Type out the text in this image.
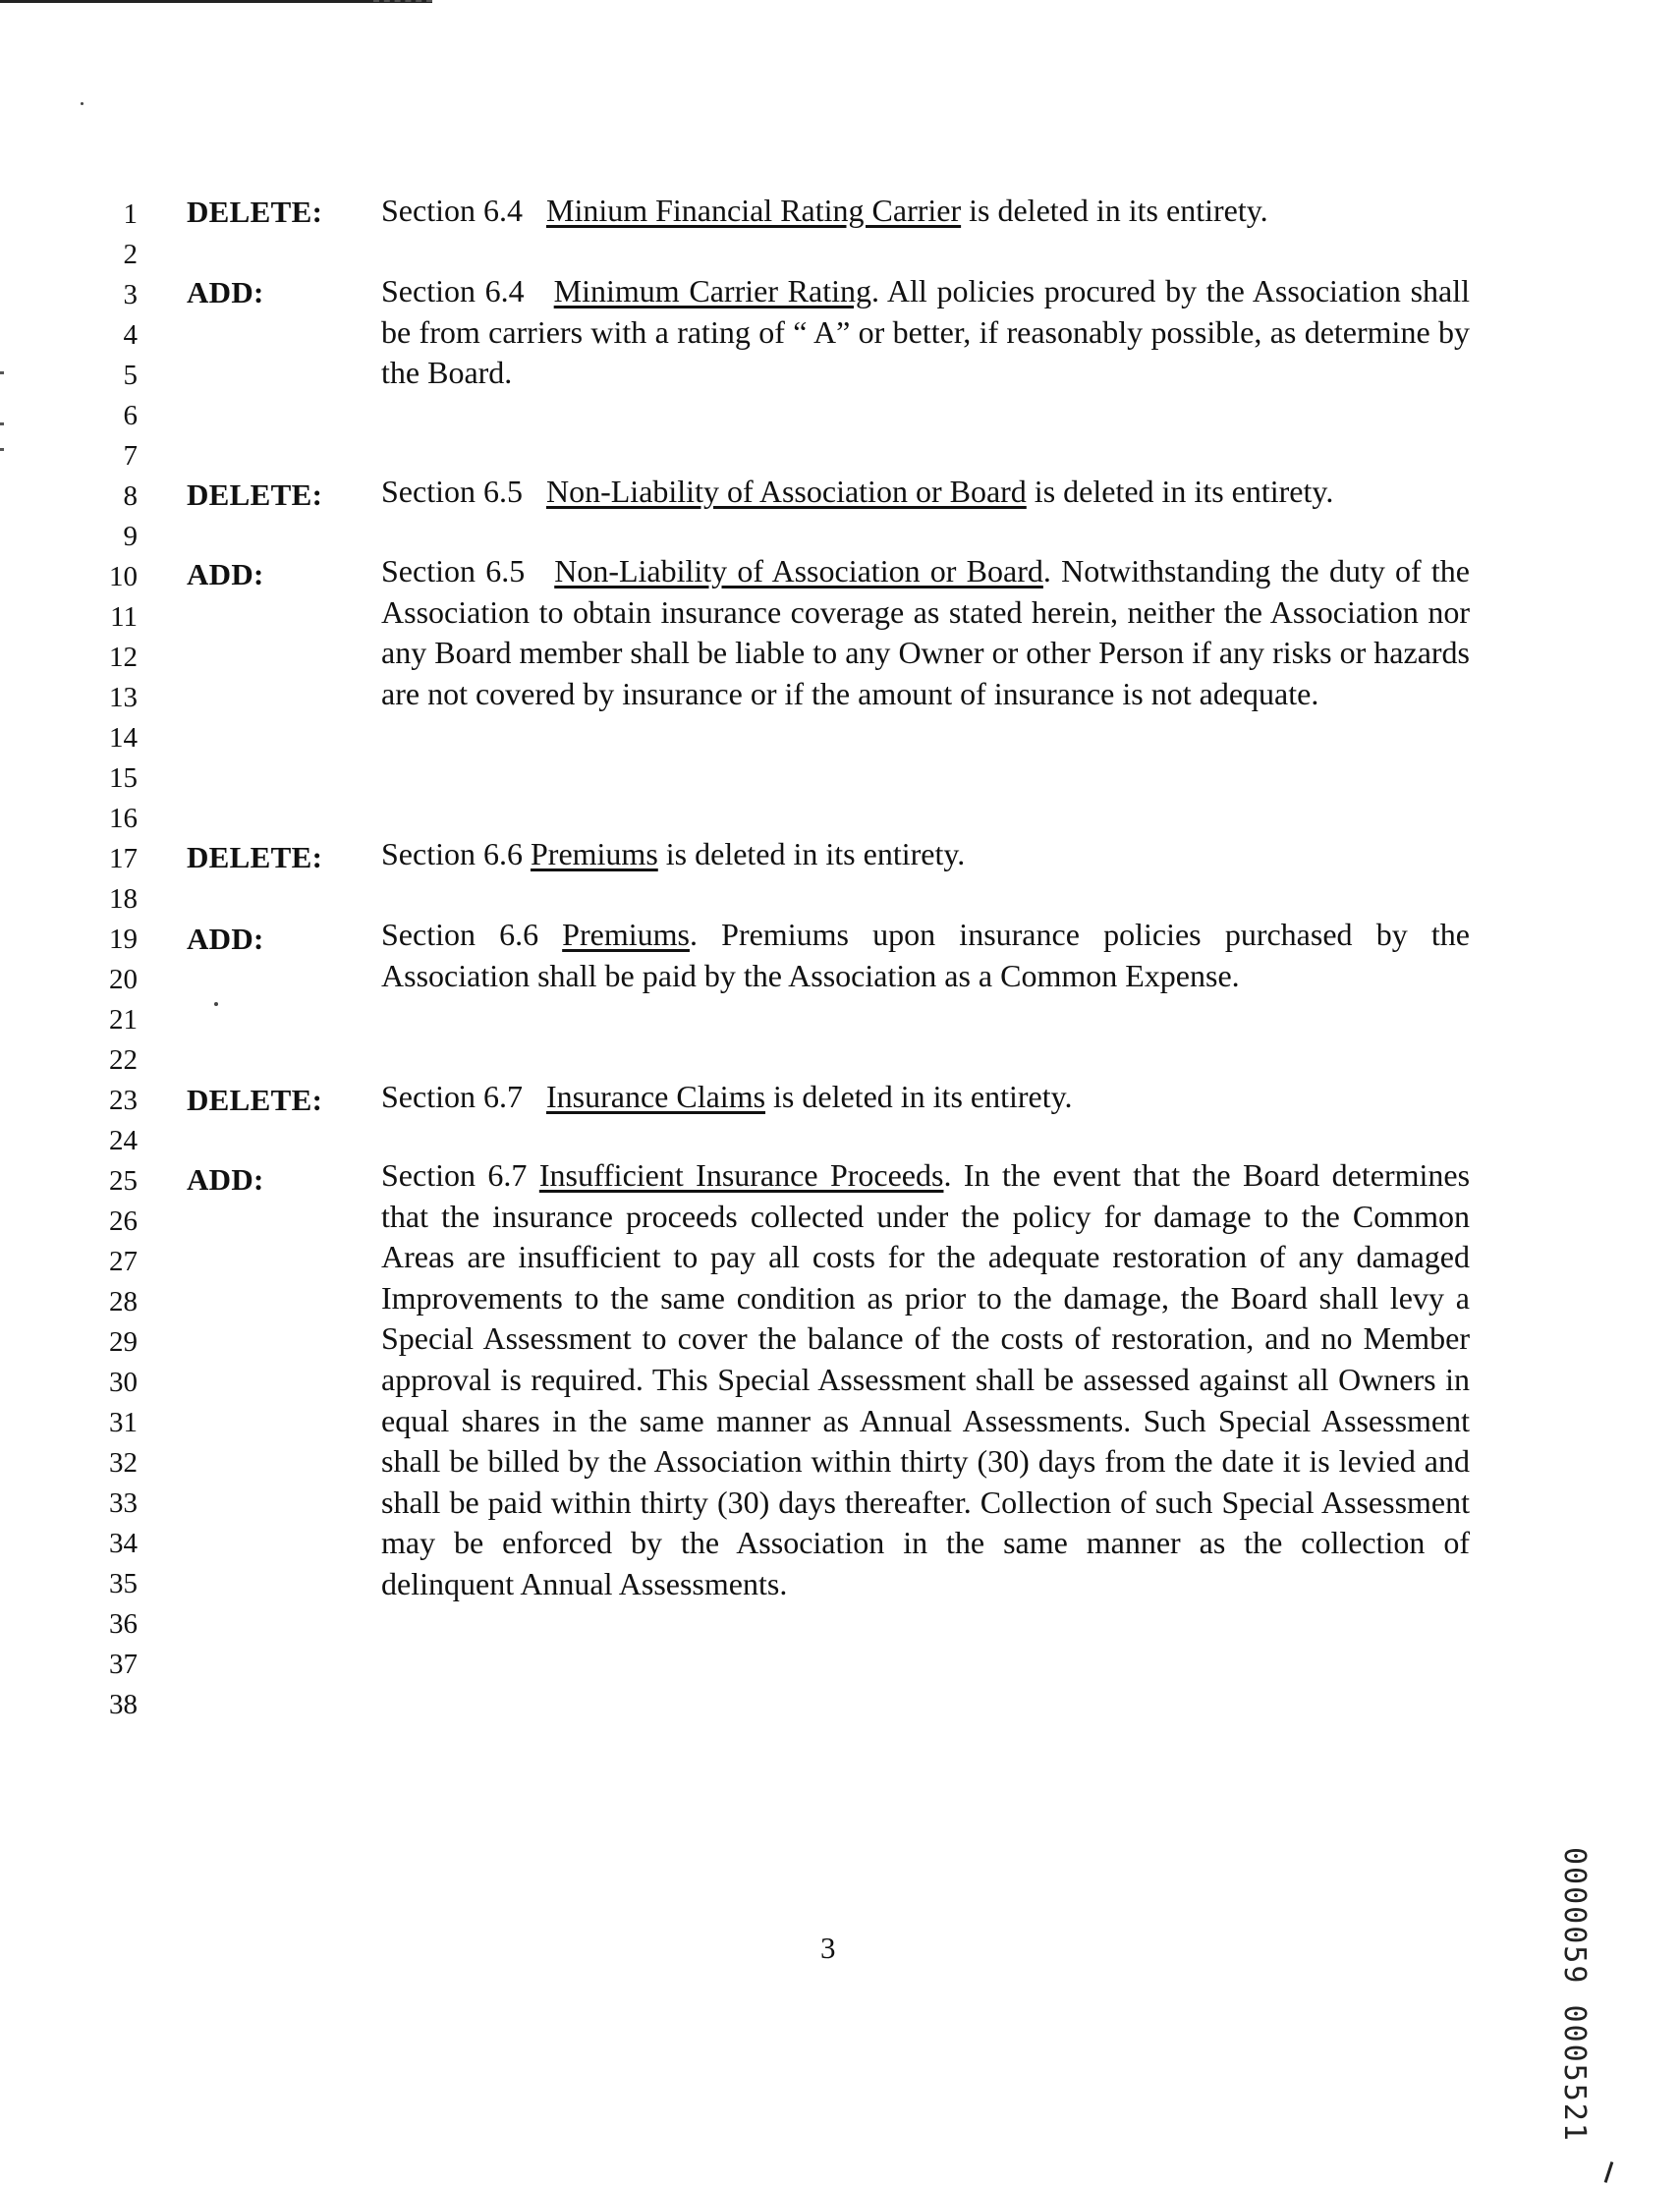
1
2
3
4
5
6
7
8
9
10
11
12
13
14
15
16
17
18
19
20
21
22
23
24
25
26
27
28
29
30
31
32
33
34
35
36
37
38
DELETE: Section 6.4 Minium Financial Rating Carrier is deleted in its entirety.
ADD:	Section 6.4 Minimum Carrier Rating. All policies procured by the Association shall be from carriers with a rating of “ A” or better, if reasonably possible, as determine by the Board.
DELETE: Section 6.5 Non-Liability of Association or Board is deleted in its entirety.
ADD:	Section 6.5 Non-Liability of Association or Board. Notwithstanding the duty of the Association to obtain insurance coverage as stated herein, neither the Association nor any Board member shall be liable to any Owner or other Person if any risks or hazards are not covered by insurance or if the amount of insurance is not adequate.
DELETE: Section 6.6 Premiums is deleted in its entirety.
ADD:	Section 6.6 Premiums. Premiums upon insurance policies purchased by the Association shall be paid by the Association as a Common Expense.
DELETE: Section 6.7 Insurance Claims is deleted in its entirety.
ADD:	Section 6.7 Insufficient Insurance Proceeds. In the event that the Board determines that the insurance proceeds collected under the policy for damage to the Common Areas are insufficient to pay all costs for the adequate restoration of any damaged Improvements to the same condition as prior to the damage, the Board shall levy a Special Assessment to cover the balance of the costs of restoration, and no Member approval is required. This Special Assessment shall be assessed against all Owners in equal shares in the same manner as Annual Assessments. Such Special Assessment shall be billed by the Association within thirty (30) days from the date it is levied and shall be paid within thirty (30) days thereafter. Collection of such Special Assessment may be enforced by the Association in the same manner as the collection of delinquent Annual Assessments.
3	0000059 0005521
